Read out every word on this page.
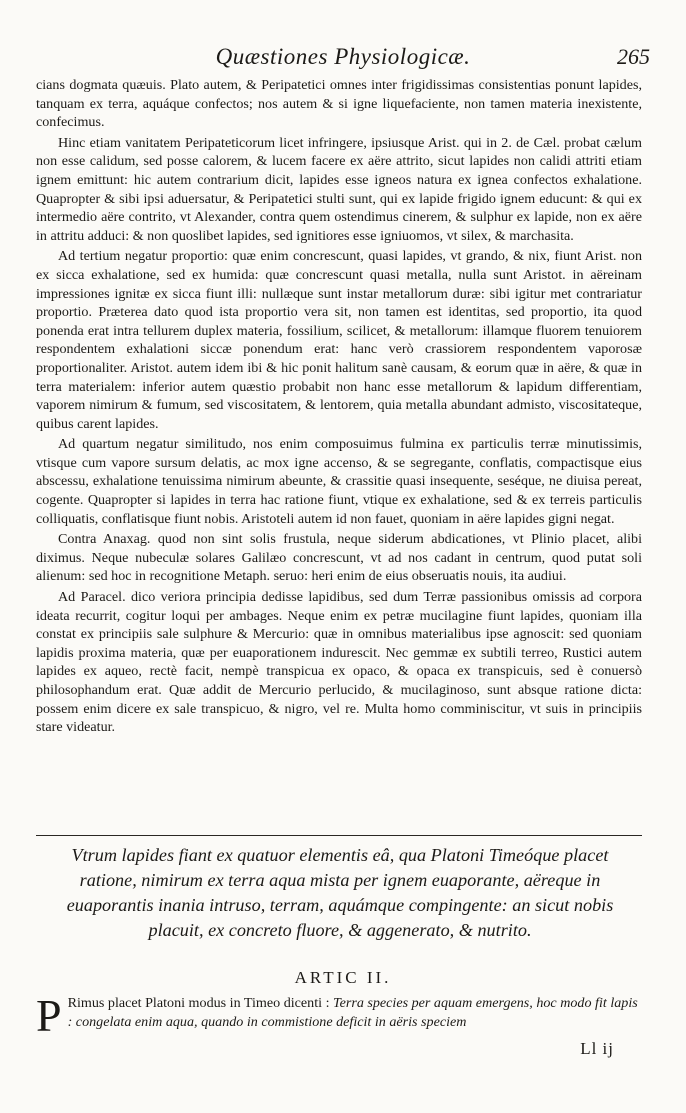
Quæstiones Physiologicæ.	265

cians dogmata quæuis. Plato autem, & Peripatetici omnes inter frigidissimas consistentias ponunt lapides, tanquam ex terra, aquáque confectos; nos autem & si igne liquefaciente, non tamen materia inexistente, confecimus.

Hinc etiam vanitatem Peripateticorum licet infringere, ipsiusque Arist. qui in 2. de Cæl. probat cælum non esse calidum, sed posse calorem, & lucem facere ex aëre attrito, sicut lapides non calidi attriti etiam ignem emittunt: hic autem contrarium dicit, lapides esse igneos natura ex ignea confectos exhalatione. Quapropter & sibi ipsi aduersatur, & Peripatetici stulti sunt, qui ex lapide frigido ignem educunt: & qui ex intermedio aëre contrito, vt Alexander, contra quem ostendimus cinerem, & sulphur ex lapide, non ex aëre in attritu adduci: & non quoslibet lapides, sed ignitiores esse igniuomos, vt silex, & marchasita.

Ad tertium negatur proportio: quæ enim concrescunt, quasi lapides, vt grando, & nix, fiunt Arist. non ex sicca exhalatione, sed ex humida: quæ concrescunt quasi metalla, nulla sunt Aristot. in aëreinam impressiones ignitæ ex sicca fiunt illi: nullæque sunt instar metallorum duræ: sibi igitur met contrariatur proportio. Præterea dato quod ista proportio vera sit, non tamen est identitas, sed proportio, ita quod ponenda erat intra tellurem duplex materia, fossilium, scilicet, & metallorum: illamque fluorem tenuiorem respondentem exhalationi siccæ ponendum erat: hanc verò crassiorem respondentem vaporosæ proportionaliter. Aristot. autem idem ibi & hic ponit halitum sanè causam, & eorum quæ in aëre, & quæ in terra materialem: inferior autem quæstio probabit non hanc esse metallorum & lapidum differentiam, vaporem nimirum & fumum, sed viscositatem, & lentorem, quia metalla abundant admisto, viscositateque, quibus carent lapides.

Ad quartum negatur similitudo, nos enim composuimus fulmina ex particulis terræ minutissimis, vtisque cum vapore sursum delatis, ac mox igne accenso, & se segregante, conflatis, compactisque eius abscessu, exhalatione tenuissima nimirum abeunte, & crassitie quasi insequente, seséque, ne diuisa pereat, cogente. Quapropter si lapides in terra hac ratione fiunt, vtique ex exhalatione, sed & ex terreis particulis colliquatis, conflatisque fiunt nobis. Aristoteli autem id non fauet, quoniam in aëre lapides gigni negat.

Contra Anaxag. quod non sint solis frustula, neque siderum abdicationes, vt Plinio placet, alibi diximus. Neque nubeculæ solares Galilæo concrescunt, vt ad nos cadant in centrum, quod putat soli alienum: sed hoc in recognitione Metaph. seruo: heri enim de eius obseruatis nouis, ita audiui.

Ad Paracel. dico veriora principia dedisse lapidibus, sed dum Terræ passionibus omissis ad corpora ideata recurrit, cogitur loqui per ambages. Neque enim ex petræ mucilagine fiunt lapides, quoniam illa constat ex principiis sale sulphure & Mercurio: quæ in omnibus materialibus ipse agnoscit: sed quoniam lapidis proxima materia, quæ per euaporationem indurescit. Nec gemmæ ex subtili terreo, Rustici autem lapides ex aqueo, rectè facit, nempè transpicua ex opaco, & opaca ex transpicuis, sed è conuersò philosophandum erat. Quæ addit de Mercurio perlucido, & mucilaginoso, sunt absque ratione dicta: possem enim dicere ex sale transpicuo, & nigro, vel re. Multa homo comminiscitur, vt suis in principiis stare videatur.

Vtrum lapides fiant ex quatuor elementis eâ, qua Platoni Timeóque placet ratione, nimirum ex terra aqua mista per ignem euaporante, aëreque in euaporantis inania intruso, terram, aquámque compingente: an sicut nobis placuit, ex concreto fluore, & aggenerato, & nutrito.
ARTIC II.
P Rimus placet Platoni modus in Timeo dicenti : Terra species per aquam emergens, hoc modo fit lapis : congelata enim aqua, quando in commistione deficit in aëris speciem
Ll ij
